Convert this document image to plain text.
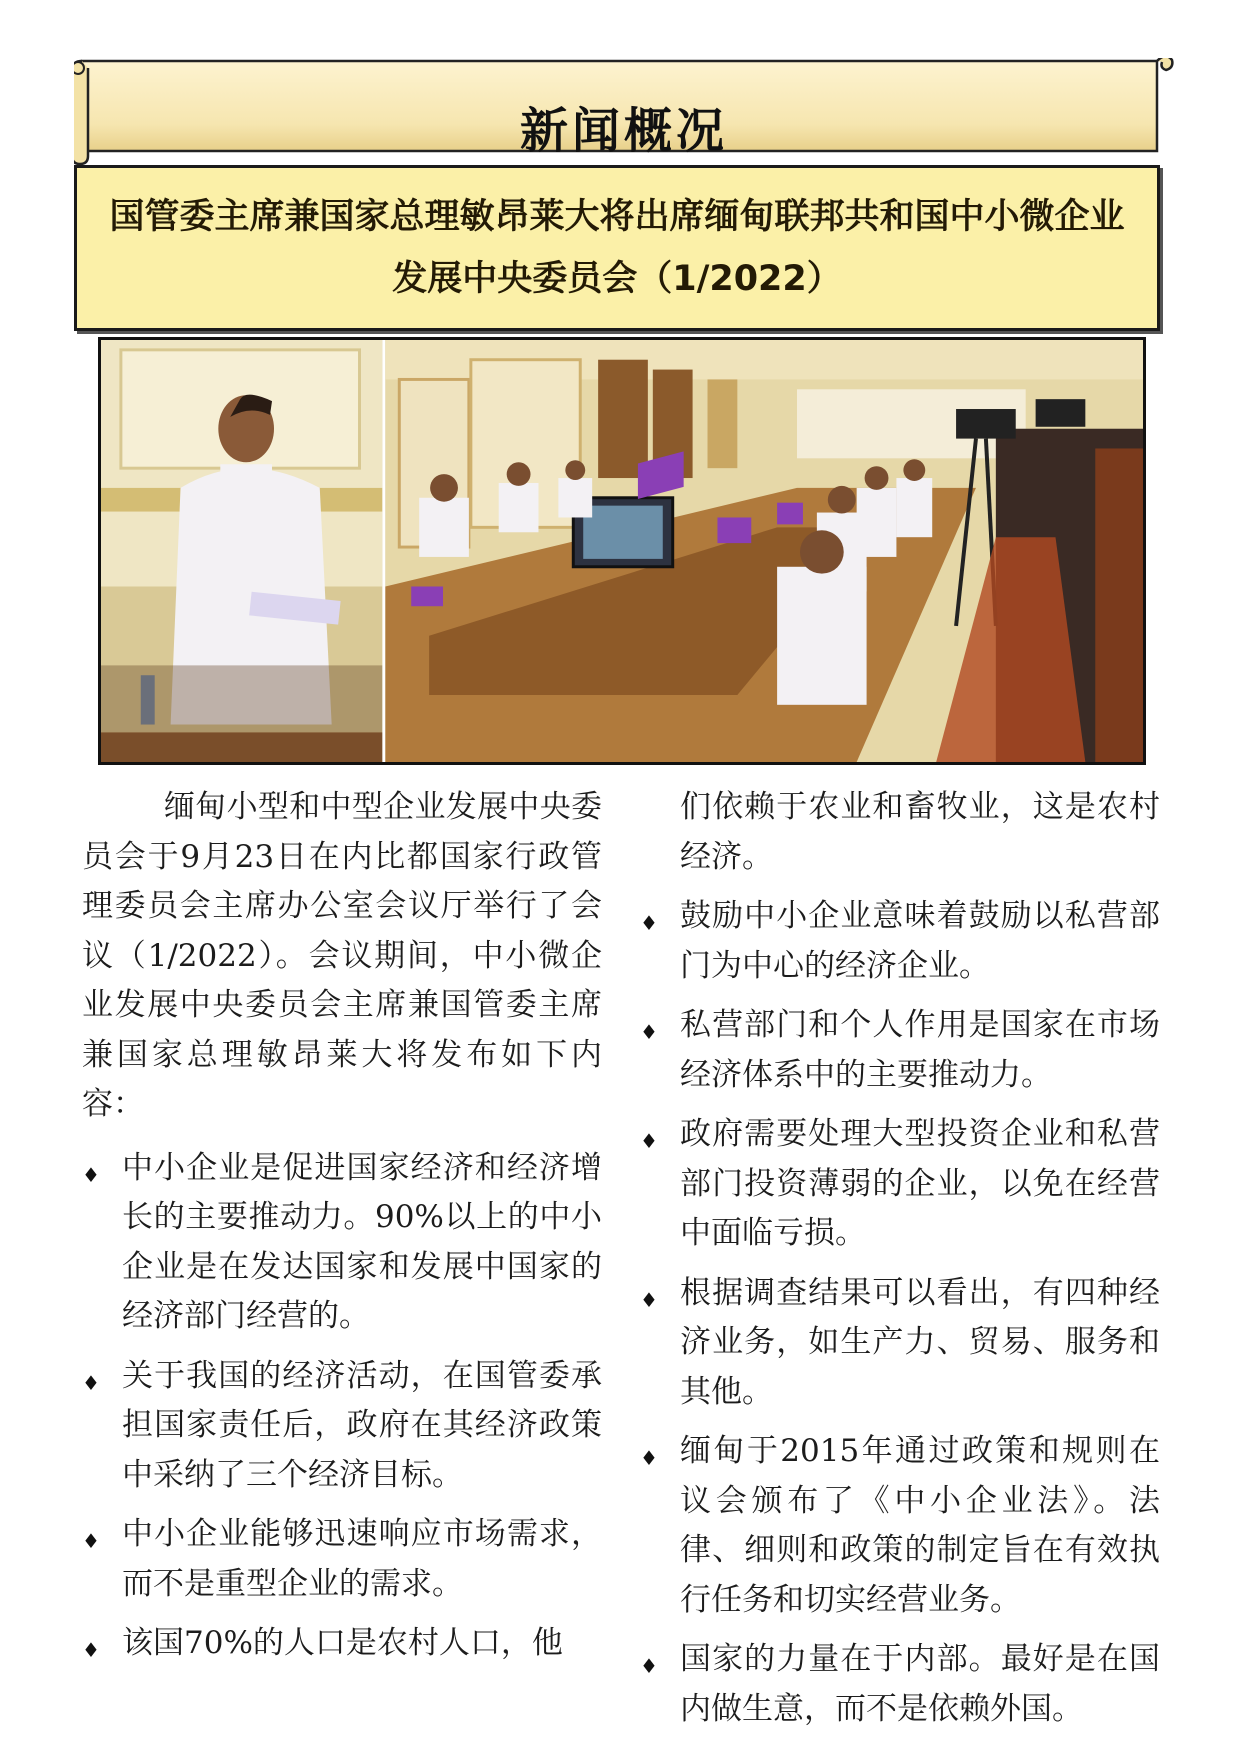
新闻概况
国管委主席兼国家总理敏昂莱大将出席缅甸联邦共和国中小微企业发展中央委员会（1/2022）

缅甸小型和中型企业发展中央委员会于9月23日在内比都国家行政管理委员会主席办公室会议厅举行了会议（1/2022）。会议期间，中小微企业发展中央委员会主席兼国管委主席兼国家总理敏昂莱大将发布如下内容：

♦ 中小企业是促进国家经济和经济增长的主要推动力。90%以上的中小企业是在发达国家和发展中国家的经济部门经营的。
♦ 关于我国的经济活动，在国管委承担国家责任后，政府在其经济政策中采纳了三个经济目标。
♦ 中小企业能够迅速响应市场需求，而不是重型企业的需求。
♦ 该国70%的人口是农村人口，他
们依赖于农业和畜牧业，这是农村经济。
♦ 鼓励中小企业意味着鼓励以私营部门为中心的经济企业。
♦ 私营部门和个人作用是国家在市场经济体系中的主要推动力。
♦ 政府需要处理大型投资企业和私营部门投资薄弱的企业，以免在经营中面临亏损。
♦ 根据调查结果可以看出，有四种经济业务，如生产力、贸易、服务和其他。
♦ 缅甸于2015年通过政策和规则在议会颁布了《中小企业法》。法律、细则和政策的制定旨在有效执行任务和切实经营业务。
♦ 国家的力量在于内部。最好是在国内做生意，而不是依赖外国。
